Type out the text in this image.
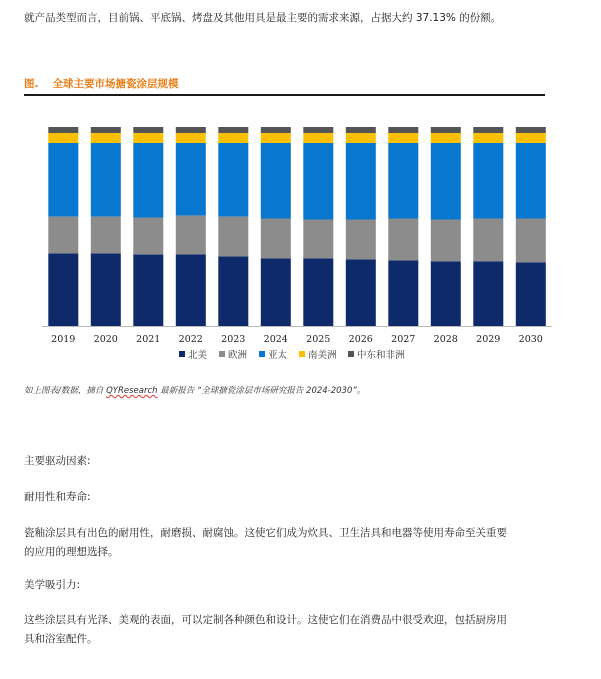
就产品类型而言，目前锅、平底锅、烤盘及其他用具是最主要的需求来源，占据大约 37.13% 的份额。
图. 全球主要市场搪瓷涂层规模
2019 2020 2021 2022 2023 2024 2025 2026 2027 2028 2029 2030
北美 欧洲 亚太 南美洲 中东和非洲
如上图表/数据，摘自 QYResearch 最新报告 “全球搪瓷涂层市场研究报告 2024-2030”。
主要驱动因素:
耐用性和寿命:
瓷釉涂层具有出色的耐用性，耐磨损、耐腐蚀。这使它们成为炊具、卫生洁具和电器等使用寿命至关重要
的应用的理想选择。
美学吸引力:
这些涂层具有光泽、美观的表面，可以定制各种颜色和设计。这使它们在消费品中很受欢迎，包括厨房用
具和浴室配件。
